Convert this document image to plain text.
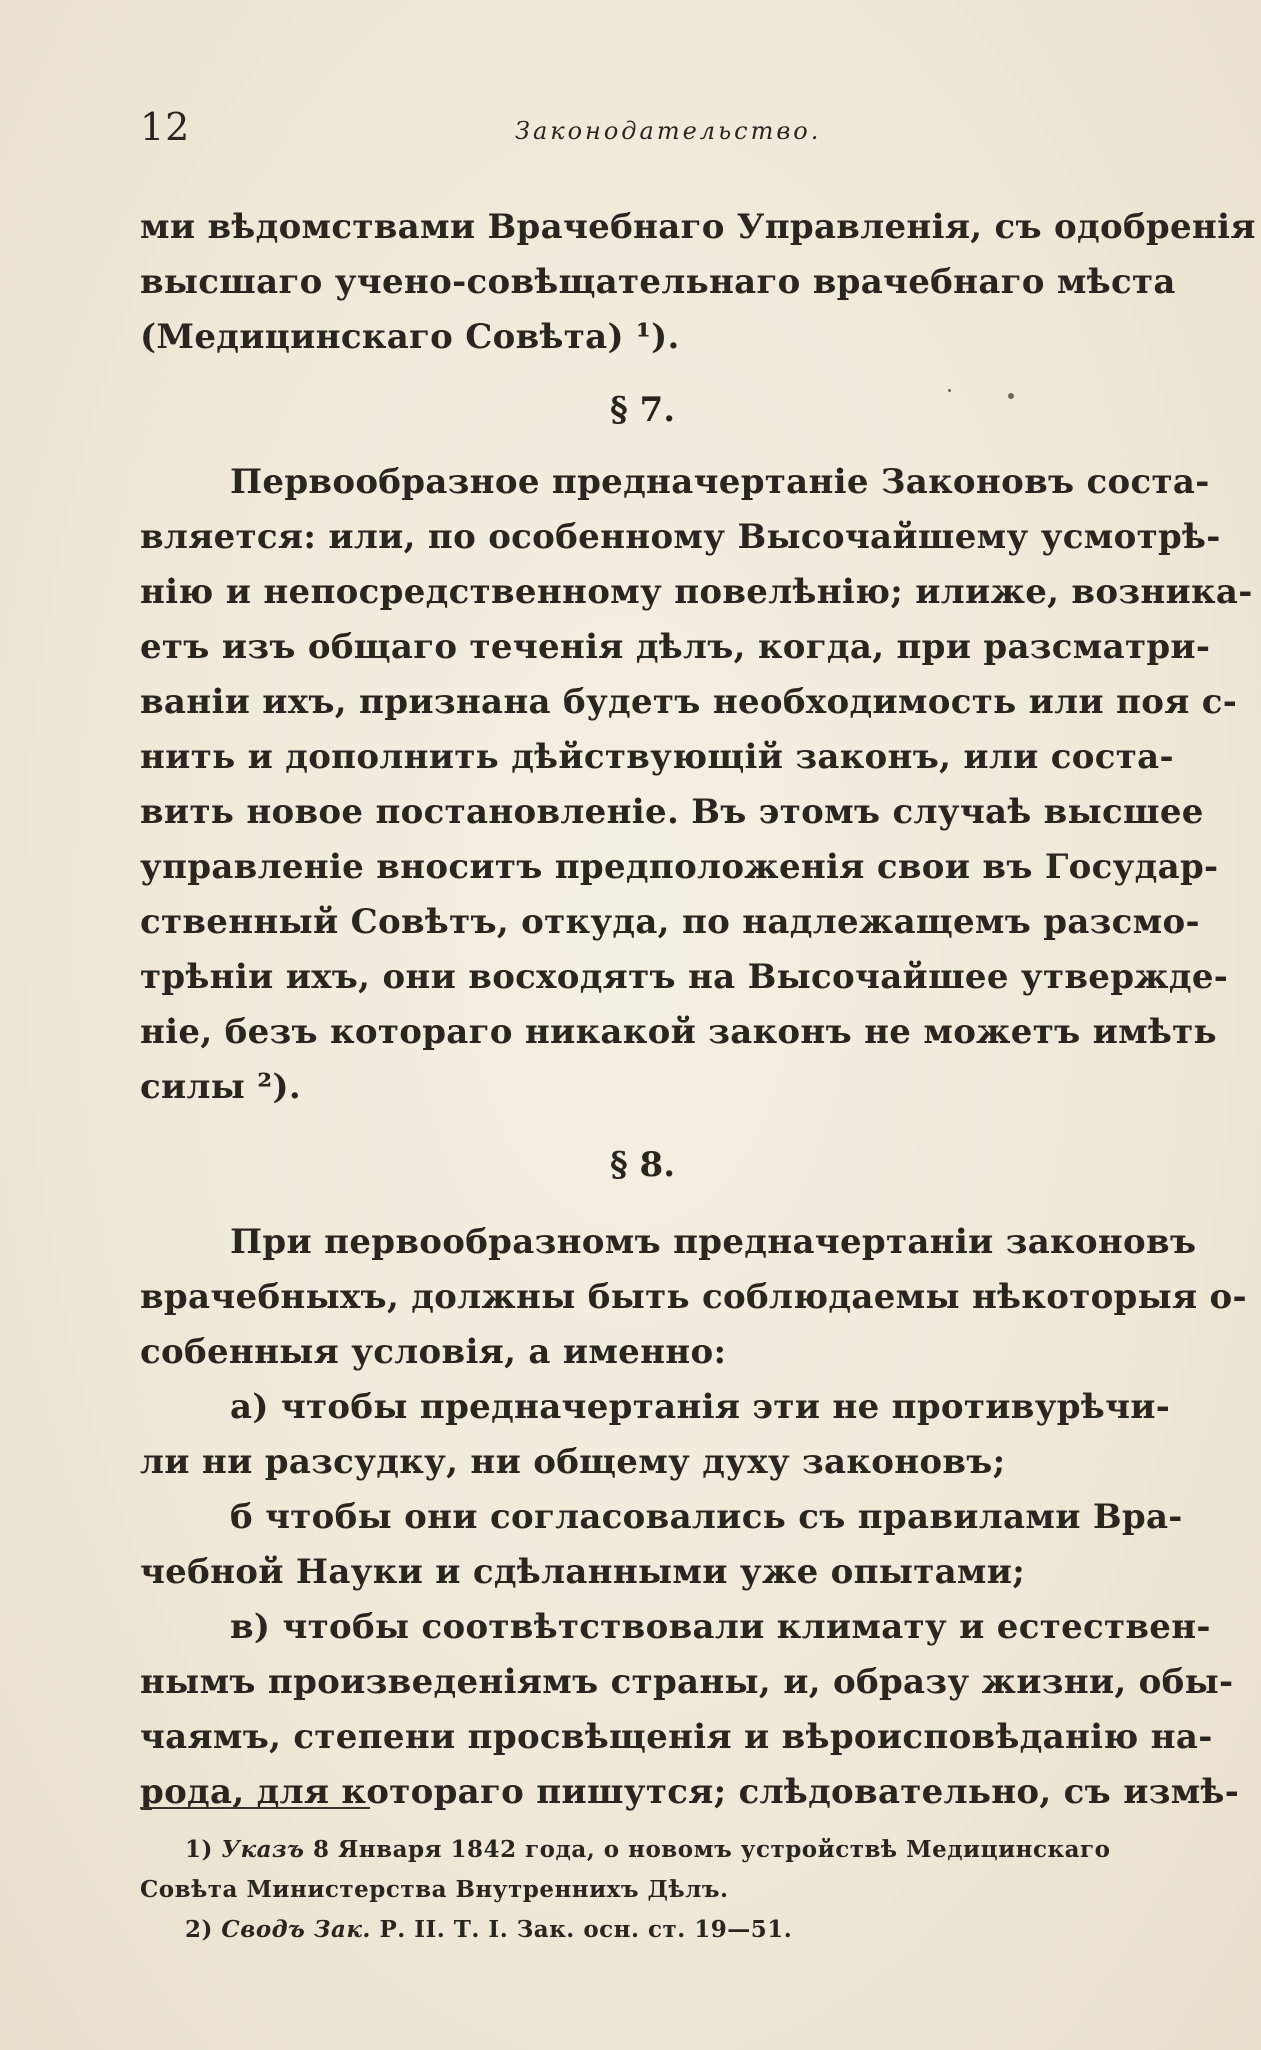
12	Законодательство.
ми вѣдомствами Врачебнаго Управленія, съ одобренія
высшаго ученo-совѣщательнаго врачебнаго мѣста
(Медицинскаго Совѣта) ¹).
§ 7.
Первообразное предначертаніе Законовъ соста-
вляется: или, по особенному Высочайшему усмотрѣ-
нію и непосредственному повелѣнію; илиже, возника-
етъ изъ общаго теченія дѣлъ, когда, при разсматри-
ваніи ихъ, признана будетъ необходимость или поя с-
нить и дополнить дѣйствующій законъ, или соста-
вить новое постановленіе. Въ этомъ случаѣ высшее
управленіе вноситъ предположенія свои въ Государ-
ственный Совѣтъ, откуда, по надлежащемъ разсмо-
трѣніи ихъ, они восходятъ на Высочайшее утвержде-
ніе, безъ котораго никакой законъ не можетъ имѣть
силы ²).
§ 8.
При первообразномъ предначертаніи законовъ
врачебныхъ, должны быть соблюдаемы нѣкоторыя о-
собенныя условія, а именно:
а) чтобы предначертанія эти не противурѣчи-
ли ни разсудку, ни общему духу законовъ;
б чтобы они согласовались съ правилами Вра-
чебной Науки и сдѣланными уже опытами;
в) чтобы соотвѣтствовали климату и естествен-
нымъ произведеніямъ страны, и, образу жизни, обы-
чаямъ, степени просвѣщенія и вѣроисповѣданію на-
рода, для котораго пишутся; слѣдовательно, съ измѣ-
1) Указъ 8 Января 1842 года, о новомъ устройствѣ Медицинскаго
Совѣта Министерства Внутреннихъ Дѣлъ.
2) Сводъ Зак. Р. II. Т. I. Зак. осн. ст. 19—51.
